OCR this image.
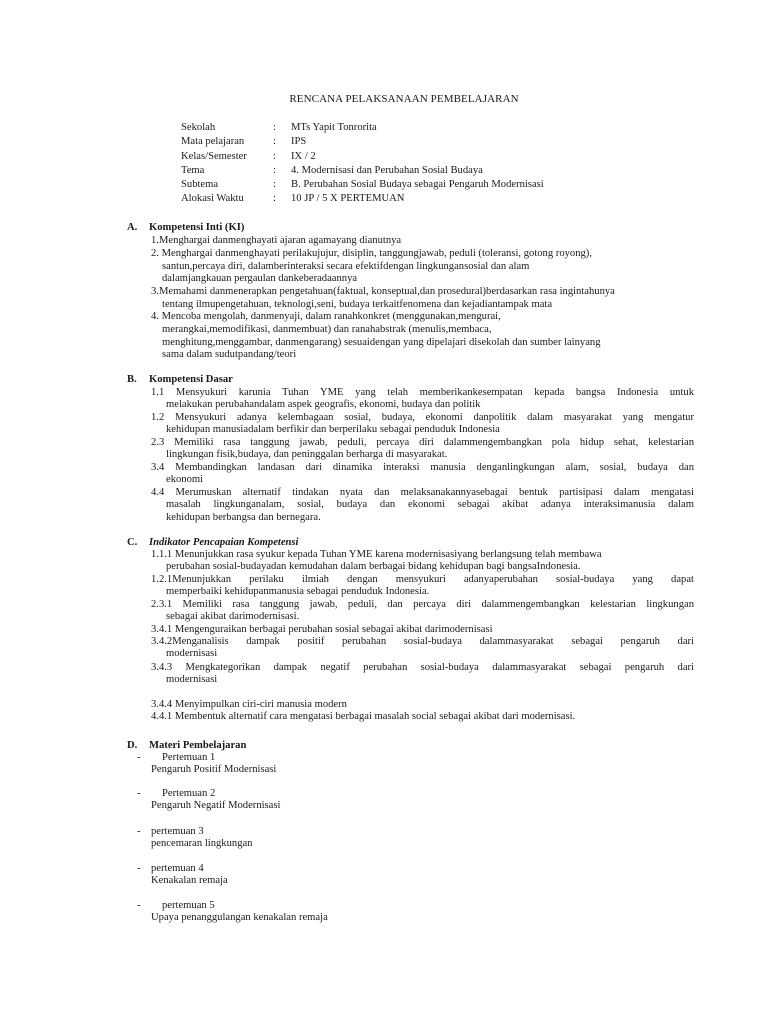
RENCANA PELAKSANAAN PEMBELAJARAN
Sekolah	: MTs Yapit Tonrorita
Mata pelajaran	: IPS
Kelas/Semester : IX / 2
Tema	: 4. Modernisasi dan Perubahan Sosial Budaya
Subtema	: B. Perubahan Sosial Budaya sebagai Pengaruh Modernisasi
Alokasi Waktu	: 10 JP / 5 X PERTEMUAN
A. Kompetensi Inti (KI)
1.Menghargai danmenghayati ajaran agamayang dianutnya
2. Menghargai danmenghayati perilakujujur, disiplin, tanggungjawab, peduli (toleransi, gotong royong),
santun,percaya diri, dalamberinteraksi secara efektifdengan lingkungansosial dan alam
dalamjangkauan pergaulan dankeberadaannya
3.Memahami danmenerapkan pengetahuan(faktual, konseptual,dan prosedural)berdasarkan rasa ingintahunya
tentang ilmupengetahuan, teknologi,seni, budaya terkaitfenomena dan kejadiantampak mata
4. Mencoba mengolah, danmenyaji, dalam ranahkonkret (menggunakan,mengurai,
merangkai,memodifikasi, danmembuat) dan ranahabstrak (menulis,membaca,
menghitung,menggambar, danmengarang) sesuaidengan yang dipelajari disekolah dan sumber lainyang
sama dalam sudutpandang/teori
B. Kompetensi Dasar
1.1 Mensyukuri karunia Tuhan YME yang telah memberikankesempatan kepada bangsa Indonesia untuk
melakukan perubahandalam aspek geografis, ekonomi, budaya dan politik
1.2 Mensyukuri adanya kelembagaan sosial, budaya, ekonomi danpolitik dalam masyarakat yang mengatur
kehidupan manusiadalam berfikir dan berperilaku sebagai penduduk Indonesia
2.3 Memiliki rasa tanggung jawab, peduli, percaya diri dalammengembangkan pola hidup sehat, kelestarian
lingkungan fisik,budaya, dan peninggalan berharga di masyarakat.
3.4 Membandingkan landasan dari dinamika interaksi manusia denganlingkungan alam, sosial, budaya dan
ekonomi
4.4 Merumuskan alternatif tindakan nyata dan melaksanakannyasebagai bentuk partisipasi dalam mengatasi
masalah lingkunganalam, sosial, budaya dan ekonomi sebagai akibat adanya interaksimanusia dalam
kehidupan berbangsa dan bernegara.
C. Indikator Pencapaian Kompetensi
1.1.1 Menunjukkan rasa syukur kepada Tuhan YME karena modernisasiyang berlangsung telah membawa
perubahan sosial-budayadan kemudahan dalam berbagai bidang kehidupan bagi bangsaIndonesia.
1.2.1Menunjukkan perilaku ilmiah dengan mensyukuri adanyaperubahan sosial-budaya yang dapat
memperbaiki kehidupanmanusia sebagai penduduk Indonesia.
2.3.1 Memiliki rasa tanggung jawab, peduli, dan percaya diri dalammengembangkan kelestarian lingkungan
sebagai akibat darimodernisasi.
3.4.1 Mengenguraikan berbagai perubahan sosial sebagai akibat darimodernisasi
3.4.2Menganalisis dampak positif perubahan sosial-budaya dalammasyarakat sebagai pengaruh dari
modernisasi
3.4.3 Mengkategorikan dampak negatif perubahan sosial-budaya dalammasyarakat sebagai pengaruh dari
modernisasi
3.4.4 Menyimpulkan ciri-ciri manusia modern
4.4.1 Membentuk alternatif cara mengatasi berbagai masalah social sebagai akibat dari modernisasi.
D. Materi Pembelajaran
- Pertemuan 1
Pengaruh Positif Modernisasi
- Pertemuan 2
Pengaruh Negatif Modernisasi
- pertemuan 3
pencemaran lingkungan
- pertemuan 4
Kenakalan remaja
- pertemuan 5
Upaya penanggulangan kenakalan remaja
